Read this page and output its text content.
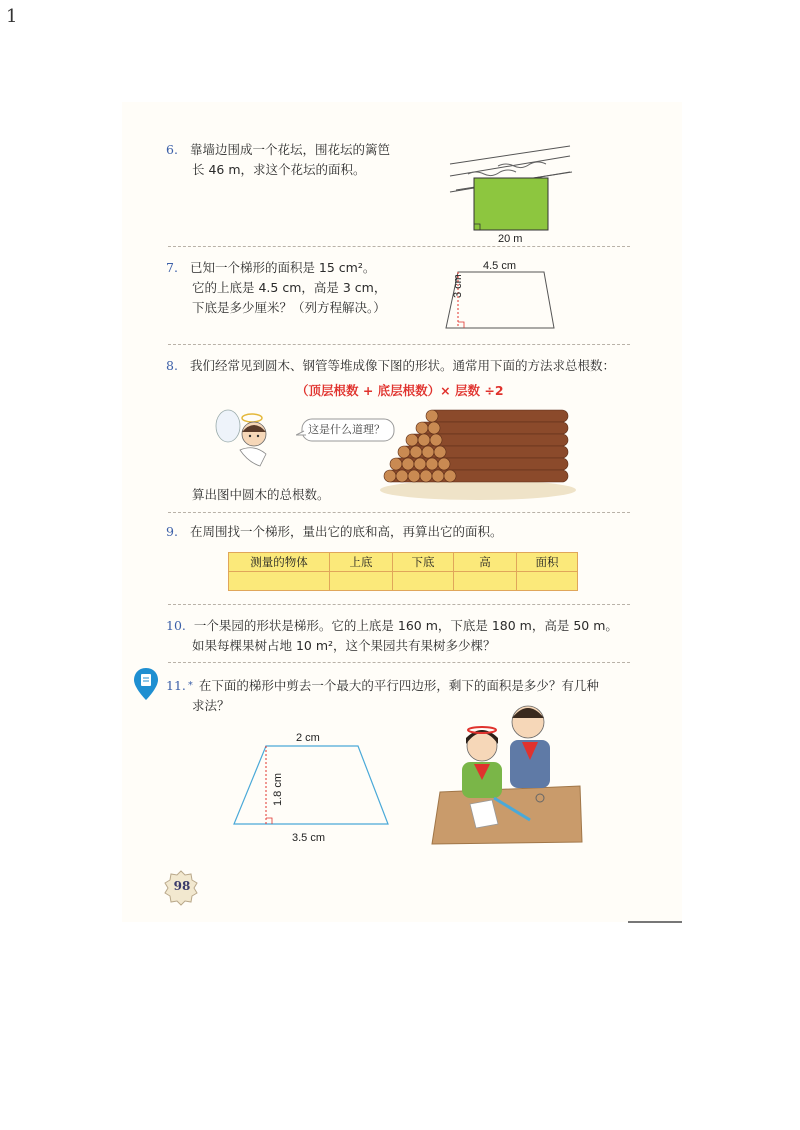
1
6. 靠墙边围成一个花坛，围花坛的篱笆
长 46 m，求这个花坛的面积。
20 m
7. 已知一个梯形的面积是 15 cm²。
它的上底是 4.5 cm，高是 3 cm，
下底是多少厘米？（列方程解决。）
4.5 cm
3 cm
8. 我们经常见到圆木、钢管等堆成像下图的形状。通常用下面的方法求总根数：
（顶层根数 + 底层根数）× 层数 ÷2
这是什么道理？
算出图中圆木的总根数。
9. 在周围找一个梯形，量出它的底和高，再算出它的面积。
测量的物体	上底	下底	高	面积

10. 一个果园的形状是梯形。它的上底是 160 m，下底是 180 m，高是 50 m。
如果每棵果树占地 10 m²，这个果园共有果树多少棵？
11. * 在下面的梯形中剪去一个最大的平行四边形，剩下的面积是多少？有几种
求法？
2 cm
1.8 cm
3.5 cm
98
